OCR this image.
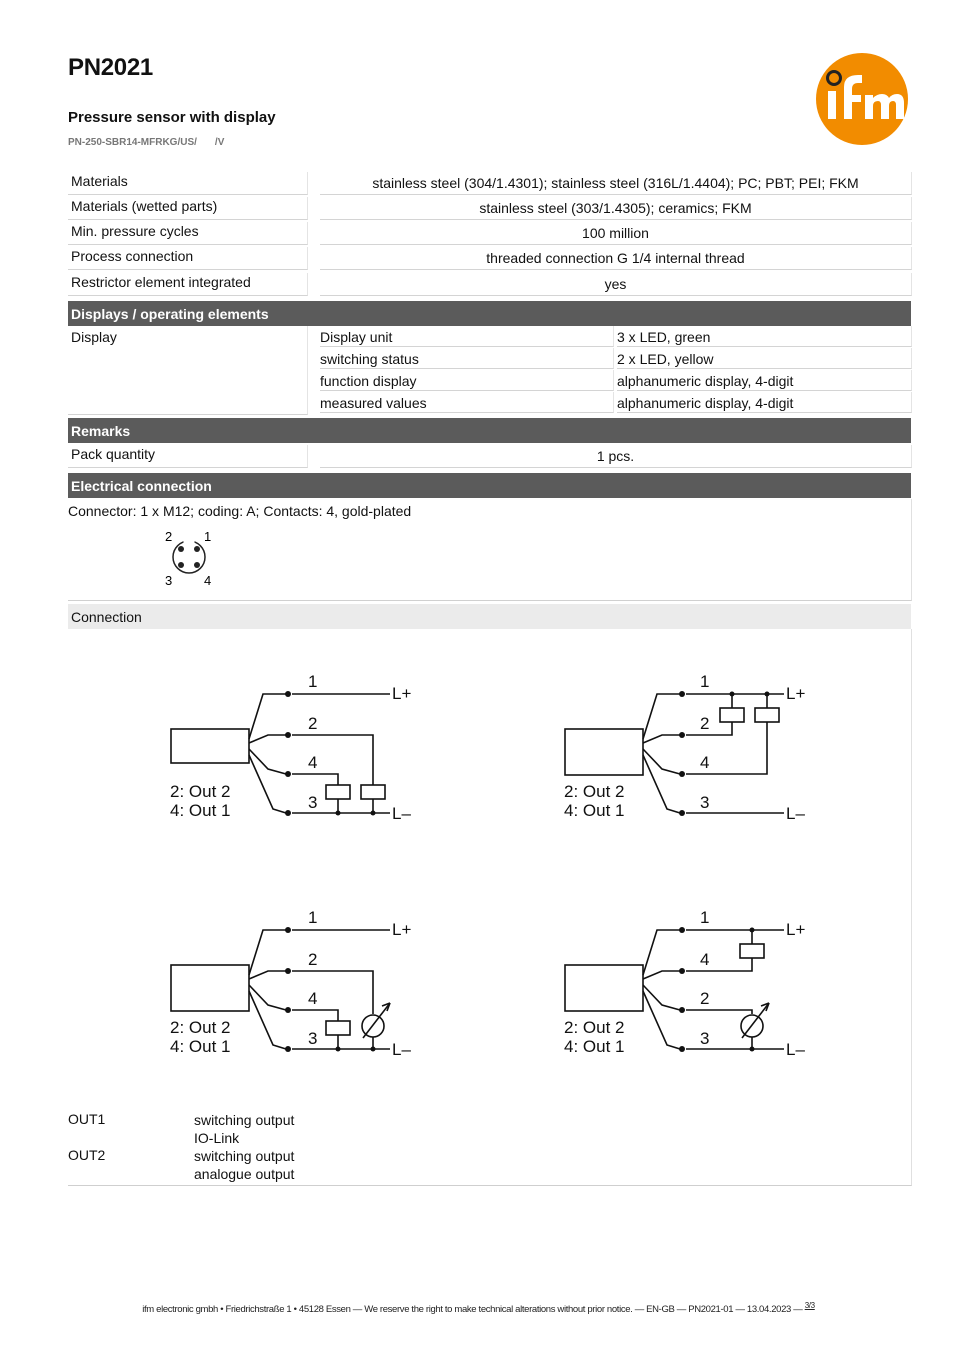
PN2021
Pressure sensor with display
PN-250-SBR14-MFRKG/US/ /V
Materials	stainless steel (304/1.4301); stainless steel (316L/1.4404); PC; PBT; PEI; FKM
Materials (wetted parts)	stainless steel (303/1.4305); ceramics; FKM
Min. pressure cycles	100 million
Process connection	threaded connection G 1/4 internal thread
Restrictor element integrated	yes
Displays / operating elements
Display	Display unit	3 x LED, green
switching status	2 x LED, yellow
function display	alphanumeric display, 4-digit
measured values	alphanumeric display, 4-digit
Remarks
Pack quantity	1 pcs.
Electrical connection
Connector: 1 x M12; coding: A; Contacts: 4, gold-plated
2 1
3 4
Connection
1
2
4
3
L+
L–
2: Out 2
4: Out 1
1
2
4
3
L+
L–
2: Out 2
4: Out 1
1
2
4
3
L+
L–
2: Out 2
4: Out 1
1
4
2
3
L+
L–
2: Out 2
4: Out 1
OUT1	switching output
IO-Link
OUT2	switching output
analogue output
ifm electronic gmbh • Friedrichstraße 1 • 45128 Essen — We reserve the right to make technical alterations without prior notice. — EN-GB — PN2021-01 — 13.04.2023 — $^{3/3}$
